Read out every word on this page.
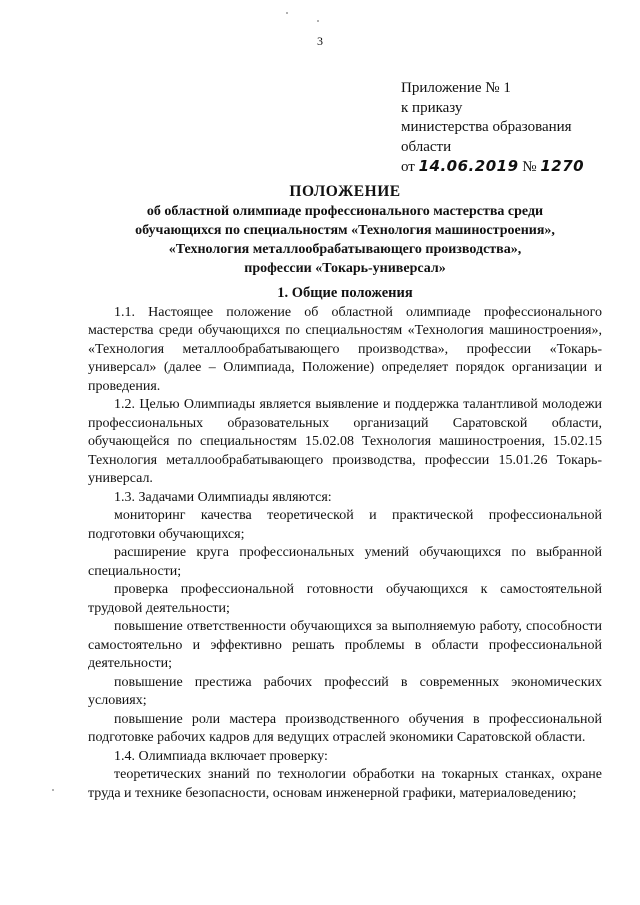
3
Приложение № 1
к приказу
министерства образования
области
от 14.06.2019 № 1270
ПОЛОЖЕНИЕ
об областной олимпиаде профессионального мастерства среди
обучающихся по специальностям «Технология машиностроения»,
«Технология металлообрабатывающего производства»,
профессии «Токарь-универсал»
1. Общие положения

1.1. Настоящее положение об областной олимпиаде профессионального мастерства среди обучающихся по специальностям «Технология машиностроения», «Технология металлообрабатывающего производства», профессии «Токарь-универсал» (далее – Олимпиада, Положение) определяет порядок организации и проведения.

1.2. Целью Олимпиады является выявление и поддержка талантливой молодежи профессиональных образовательных организаций Саратовской области, обучающейся по специальностям 15.02.08 Технология машиностроения, 15.02.15 Технология металлообрабатывающего производства, профессии 15.01.26 Токарь-универсал.

1.3. Задачами Олимпиады являются:

мониторинг качества теоретической и практической профессиональной подготовки обучающихся;

расширение круга профессиональных умений обучающихся по выбранной специальности;

проверка профессиональной готовности обучающихся к самостоятельной трудовой деятельности;

повышение ответственности обучающихся за выполняемую работу, способности самостоятельно и эффективно решать проблемы в области профессиональной деятельности;

повышение престижа рабочих профессий в современных экономических условиях;

повышение роли мастера производственного обучения в профессиональной подготовке рабочих кадров для ведущих отраслей экономики Саратовской области.

1.4. Олимпиада включает проверку:

теоретических знаний по технологии обработки на токарных станках, охране труда и технике безопасности, основам инженерной графики, материаловедению;
